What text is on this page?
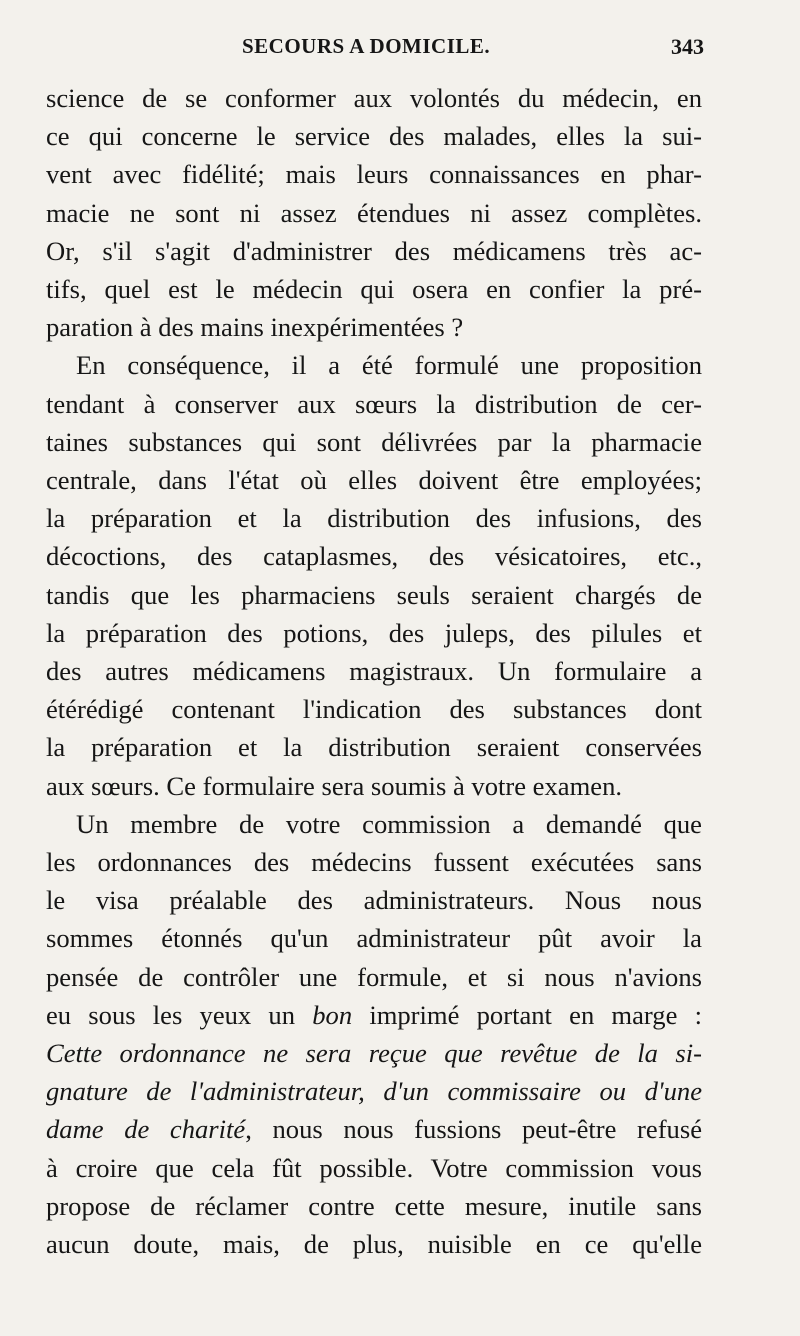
SECOURS A DOMICILE.	343

science de se conformer aux volontés du médecin, en
ce qui concerne le service des malades, elles la sui-
vent avec fidélité; mais leurs connaissances en phar-
macie ne sont ni assez étendues ni assez complètes.
Or, s'il s'agit d'administrer des médicamens très ac-
tifs, quel est le médecin qui osera en confier la pré-
paration à des mains inexpérimentées ?

En conséquence, il a été formulé une proposition
tendant à conserver aux sœurs la distribution de cer-
taines substances qui sont délivrées par la pharmacie
centrale, dans l'état où elles doivent être employées;
la préparation et la distribution des infusions, des
décoctions, des cataplasmes, des vésicatoires, etc.,
tandis que les pharmaciens seuls seraient chargés de
la préparation des potions, des juleps, des pilules et
des autres médicamens magistraux. Un formulaire a
étérédigé contenant l'indication des substances dont
la préparation et la distribution seraient conservées
aux sœurs. Ce formulaire sera soumis à votre examen.

Un membre de votre commission a demandé que
les ordonnances des médecins fussent exécutées sans
le visa préalable des administrateurs. Nous nous
sommes étonnés qu'un administrateur pût avoir la
pensée de contrôler une formule, et si nous n'avions
eu sous les yeux un bon imprimé portant en marge :
Cette ordonnance ne sera reçue que revêtue de la si-
gnature de l'administrateur, d'un commissaire ou d'une
dame de charité, nous nous fussions peut-être refusé
à croire que cela fût possible. Votre commission vous
propose de réclamer contre cette mesure, inutile sans
aucun doute, mais, de plus, nuisible en ce qu'elle
